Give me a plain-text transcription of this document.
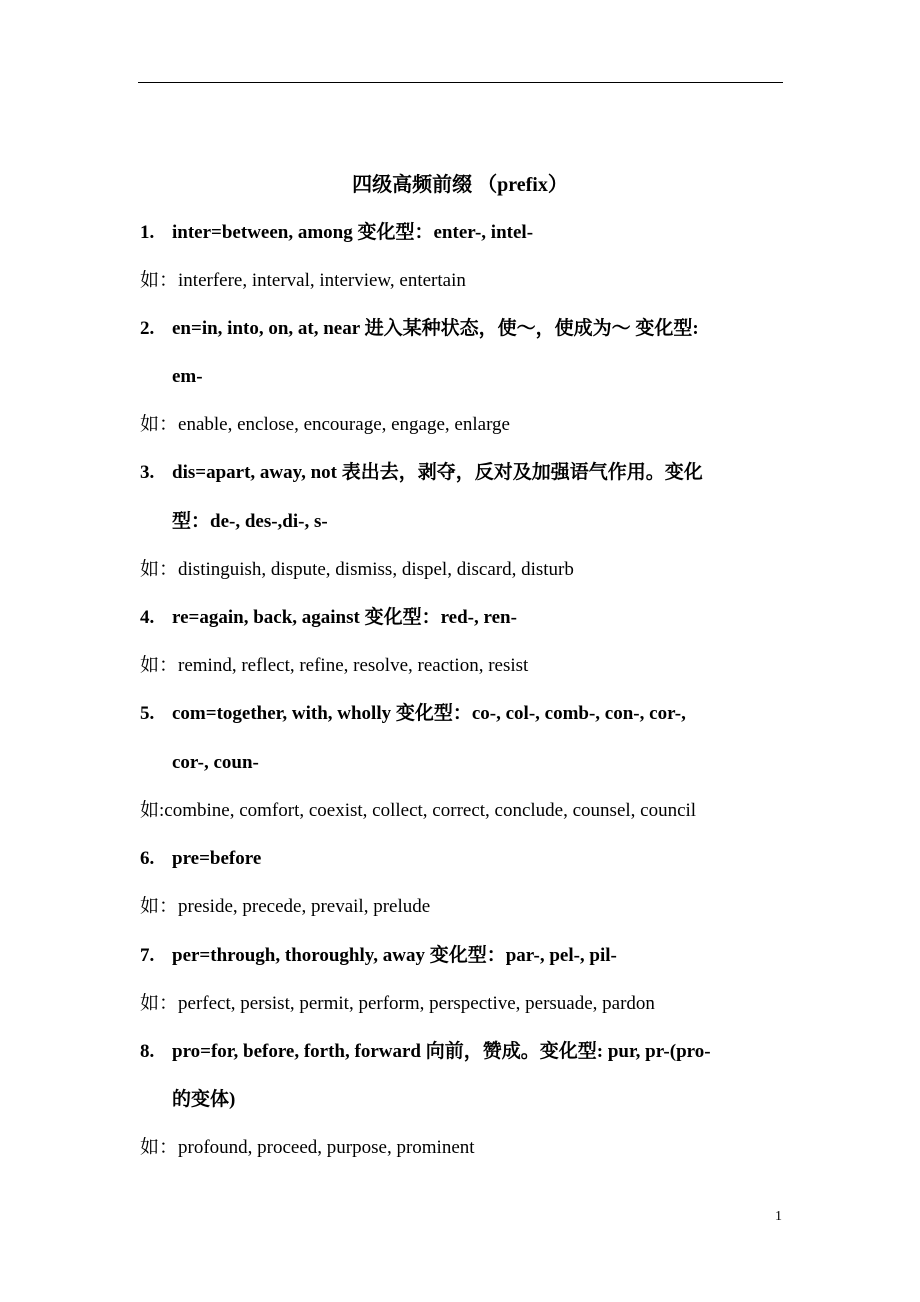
四级高频前缀 （prefix）
1. inter=between, among 变化型：enter-, intel-
如：interfere, interval, interview, entertain
2. en=in, into, on, at, near 进入某种状态，使～，使成为～ 变化型:
em-
如：enable, enclose, encourage, engage, enlarge
3. dis=apart, away, not 表出去，剥夺，反对及加强语气作用。变化
型：de-, des-,di-, s-
如：distinguish, dispute, dismiss, dispel, discard, disturb
4. re=again, back, against 变化型：red-, ren-
如：remind, reflect, refine, resolve, reaction, resist
5. com=together, with, wholly 变化型：co-, col-, comb-, con-, cor-,
cor-, coun-
如:combine, comfort, coexist, collect, correct, conclude, counsel, council
6. pre=before
如：preside, precede, prevail, prelude
7. per=through, thoroughly, away 变化型：par-, pel-, pil-
如：perfect, persist, permit, perform, perspective, persuade, pardon
8. pro=for, before, forth, forward 向前，赞成。变化型: pur, pr-(pro-
的变体)
如：profound, proceed, purpose, prominent
1
